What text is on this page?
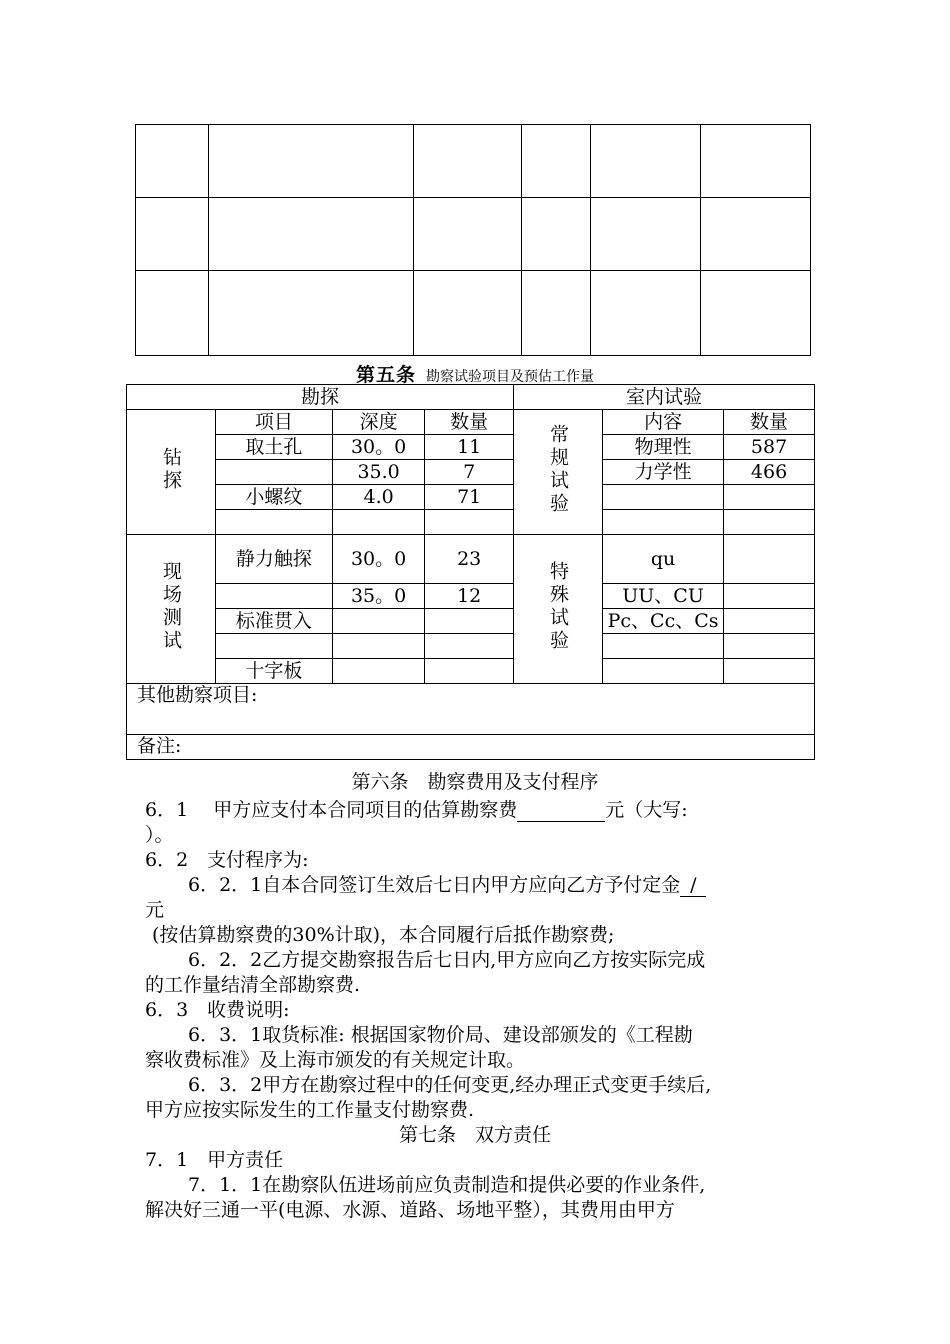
第五条 勘察试验项目及预估工作量
勘探				室内试验		
钻探	项目	深度	数量	常规试验	内容	数量
	取土孔	30。0	11		物理性	587
		35.0	7		力学性	466
	小螺纹	4.0	71			

现场测试	静力触探	30。0	23	特殊试验	qu	
		35。0	12		UU、CU	
	标准贯入				Pc、Cc、Cs	

	十字板					
其他勘察项目:						
备注:						
第六条　勘察费用及支付程序
6．1　 甲方应支付本合同项目的估算勘察费	元（大写:
）。
6．2　支付程序为:
6．2．1自本合同签订生效后七日内甲方应向乙方予付定金 /
元
(按估算勘察费的30%计取)，本合同履行后抵作勘察费;
6．2．2乙方提交勘察报告后七日内,甲方应向乙方按实际完成
的工作量结清全部勘察费.
6．3　收费说明:
6．3．1取货标准: 根据国家物价局、建设部颁发的《工程勘
察收费标准》及上海市颁发的有关规定计取。
6．3．2甲方在勘察过程中的任何变更,经办理正式变更手续后,
甲方应按实际发生的工作量支付勘察费.
第七条　双方责任
7．1　甲方责任
7．1．1在勘察队伍进场前应负责制造和提供必要的作业条件,
解决好三通一平(电源、水源、道路、场地平整），其费用由甲方
